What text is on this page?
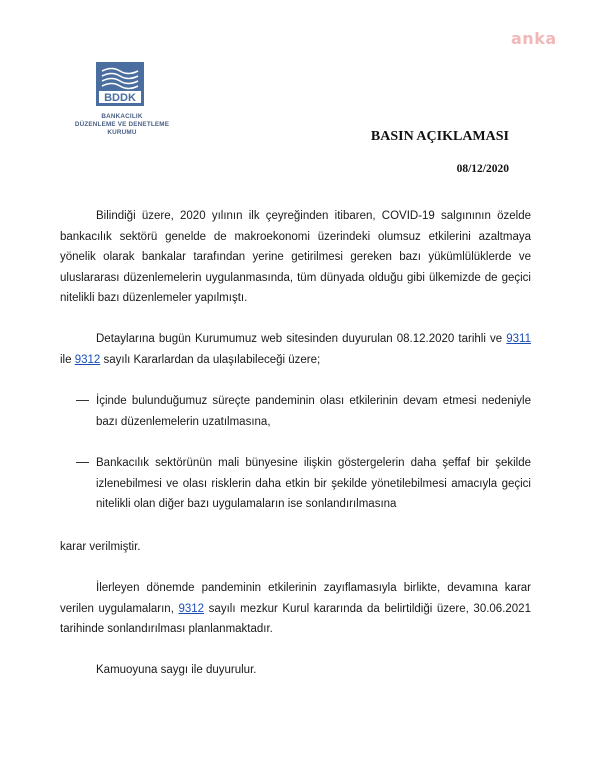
anka
BDDK
BANKACILIK
DÜZENLEME VE DENETLEME
KURUMU	BASIN AÇIKLAMASI
08/12/2020

Bilindiği üzere, 2020 yılının ilk çeyreğinden itibaren, COVID-19 salgınının özelde bankacılık sektörü genelde de makroekonomi üzerindeki olumsuz etkilerini azaltmaya yönelik olarak bankalar tarafından yerine getirilmesi gereken bazı yükümlülüklerde ve uluslararası düzenlemelerin uygulanmasında, tüm dünyada olduğu gibi ülkemizde de geçici nitelikli bazı düzenlemeler yapılmıştı.

Detaylarına bugün Kurumumuz web sitesinden duyurulan 08.12.2020 tarihli ve 9311 ile 9312 sayılı Kararlardan da ulaşılabileceği üzere;

İçinde bulunduğumuz süreçte pandeminin olası etkilerinin devam etmesi nedeniyle bazı düzenlemelerin uzatılmasına,

Bankacılık sektörünün mali bünyesine ilişkin göstergelerin daha şeffaf bir şekilde izlenebilmesi ve olası risklerin daha etkin bir şekilde yönetilebilmesi amacıyla geçici nitelikli olan diğer bazı uygulamaların ise sonlandırılmasına

karar verilmiştir.

İlerleyen dönemde pandeminin etkilerinin zayıflamasıyla birlikte, devamına karar verilen uygulamaların, 9312 sayılı mezkur Kurul kararında da belirtildiği üzere, 30.06.2021 tarihinde sonlandırılması planlanmaktadır.

Kamuoyuna saygı ile duyurulur.
